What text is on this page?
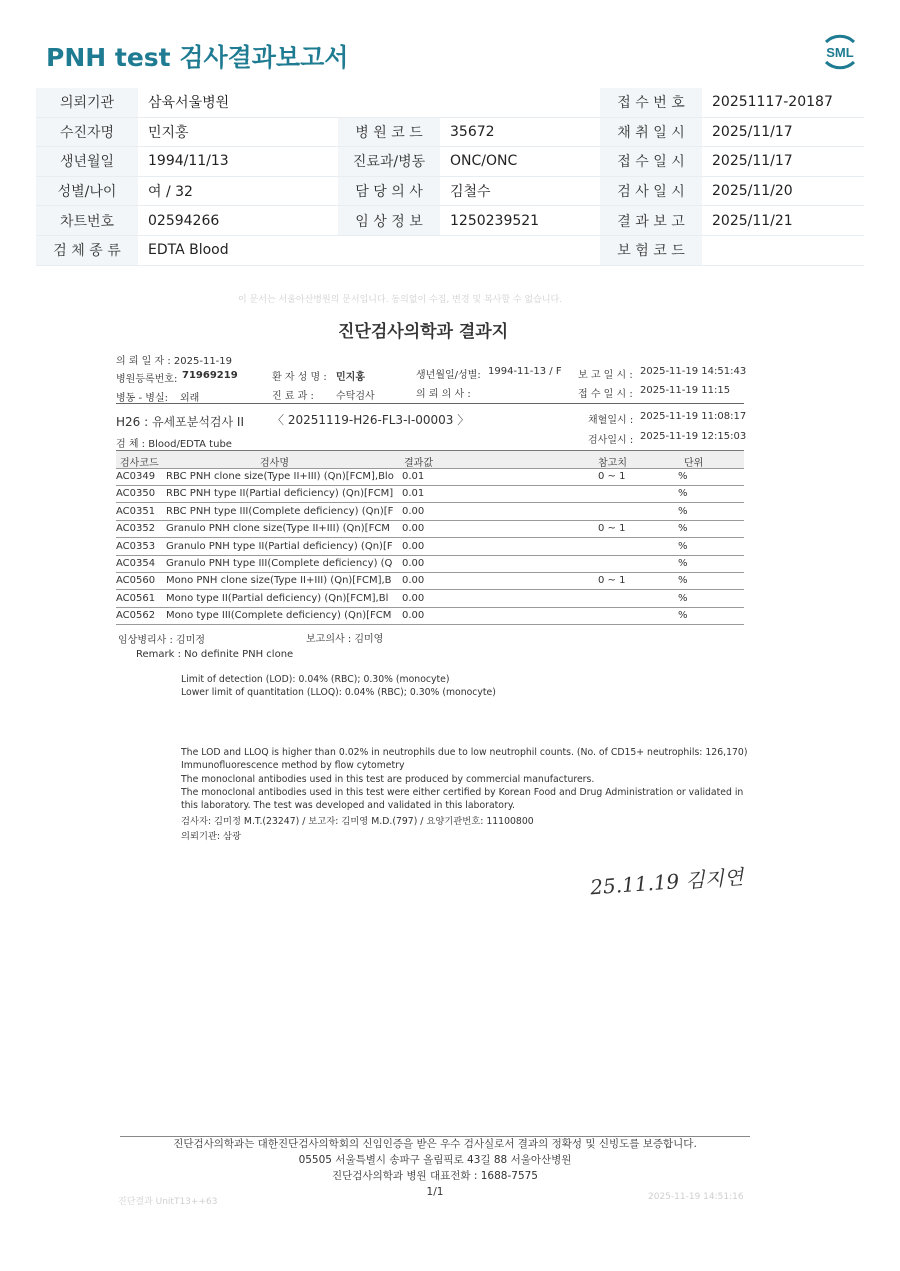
PNH test 검사결과보고서	SML
의뢰기관	삼육서울병원			접 수 번 호	20251117-20187
수진자명	민지홍	병 원 코 드	35672	채 취 일 시	2025/11/17
생년월일	1994/11/13	진료과/병동	ONC/ONC	접 수 일 시	2025/11/17
성별/나이	여 / 32	담 당 의 사	김철수	검 사 일 시	2025/11/20
차트번호	02594266	임 상 정 보	1250239521	결 과 보 고	2025/11/21
검 체 종 류	EDTA Blood			보 험 코 드	
이 문서는 서울아산병원의 문서입니다. 동의없이 수집, 변경 및 복사할 수 없습니다.
진단검사의학과 결과지
의 뢰 일 자 : 2025-11-19
병원등록번호: 71969219	환 자 성 명 : 민지홍	생년월일/성별: 1994-11-13 / F 보 고 일 시 : 2025-11-19 14:51:43
병동 - 병실: 외래	진 료 과 : 수탁검사	의 뢰 의 사 :	접 수 일 시 : 2025-11-19 11:15
H26 : 유세포분석검사 II 〈 20251119-H26-FL3-I-00003 〉	채혈일시 : 2025-11-19 11:08:17
검 체 : Blood/EDTA tube	검사일시 : 2025-11-19 12:15:03
검사코드	검사명	결과값	참고치	단위
AC0349 RBC PNH clone size(Type II+III) (Qn)[FCM],Blo 0.01	0 ~ 1	%
AC0350 RBC PNH type II(Partial deficiency) (Qn)[FCM] 0.01	%
AC0351 RBC PNH type III(Complete deficiency) (Qn)[F 0.00	%
AC0352 Granulo PNH clone size(Type II+III) (Qn)[FCM 0.00	0 ~ 1	%
AC0353 Granulo PNH type II(Partial deficiency) (Qn)[F 0.00	%
AC0354 Granulo PNH type III(Complete deficiency) (Q 0.00	%
AC0560 Mono PNH clone size(Type II+III) (Qn)[FCM],B 0.00	0 ~ 1	%
AC0561 Mono type II(Partial deficiency) (Qn)[FCM],Bl 0.00	%
AC0562 Mono type III(Complete deficiency) (Qn)[FCM 0.00	%
임상병리사 : 김미정	보고의사 : 김미영
Remark : No definite PNH clone
Limit of detection (LOD): 0.04% (RBC); 0.30% (monocyte)
Lower limit of quantitation (LLOQ): 0.04% (RBC); 0.30% (monocyte)
The LOD and LLOQ is higher than 0.02% in neutrophils due to low neutrophil counts. (No. of CD15+ neutrophils: 126,170)
Immunofluorescence method by flow cytometry
The monoclonal antibodies used in this test are produced by commercial manufacturers.
The monoclonal antibodies used in this test were either certified by Korean Food and Drug Administration or validated in
this laboratory. The test was developed and validated in this laboratory.
검사자: 김미정 M.T.(23247) / 보고자: 김미영 M.D.(797) / 요양기관번호: 11100800
의뢰기관: 삼광
25.11.19 김지연
진단검사의학과는 대한진단검사의학회의 신임인증을 받은 우수 검사실로서 결과의 정확성 및 신빙도를 보증합니다.
05505 서울특별시 송파구 올림픽로 43길 88 서울아산병원
진단검사의학과 병원 대표전화 : 1688-7575
1/1
진단결과 UnitT13++63	2025-11-19 14:51:16
